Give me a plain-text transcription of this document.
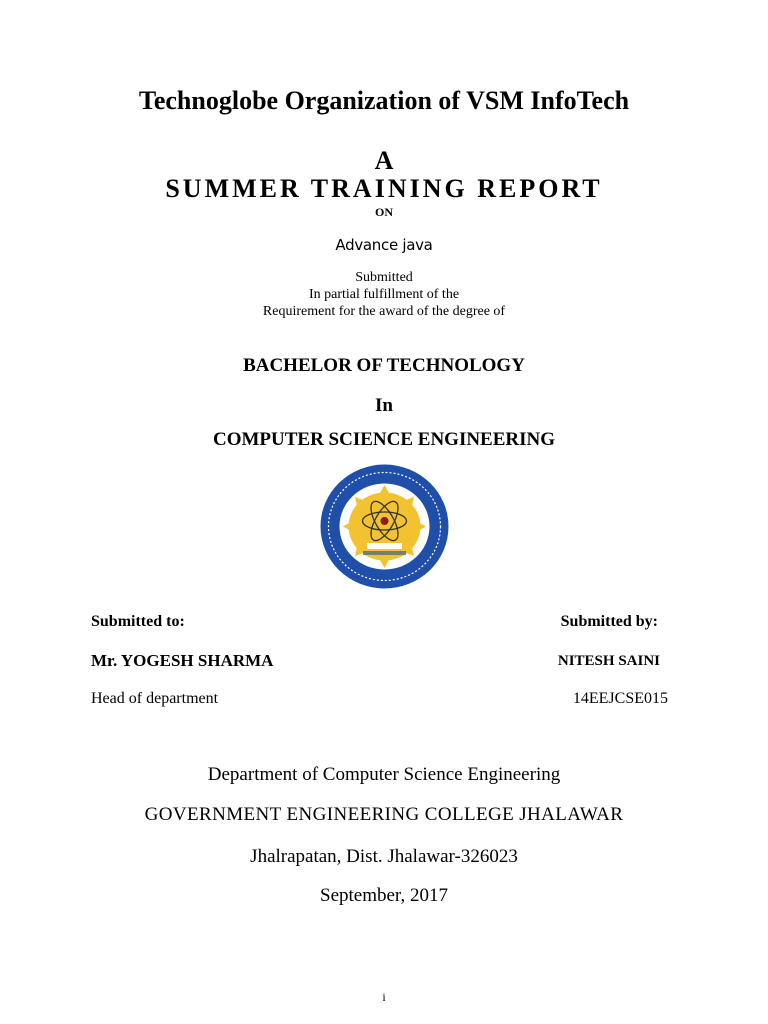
Technoglobe Organization of VSM InfoTech
A
SUMMER TRAINING REPORT
ON
Advance java
Submitted
In partial fulfillment of the
Requirement for the award of the degree of
BACHELOR OF TECHNOLOGY
In
COMPUTER SCIENCE ENGINEERING
Submitted to:	Submitted by:
Mr. YOGESH SHARMA	NITESH SAINI
Head of department	14EEJCSE015
Department of Computer Science Engineering
GOVERNMENT ENGINEERING COLLEGE JHALAWAR
Jhalrapatan, Dist. Jhalawar-326023
September, 2017
i
